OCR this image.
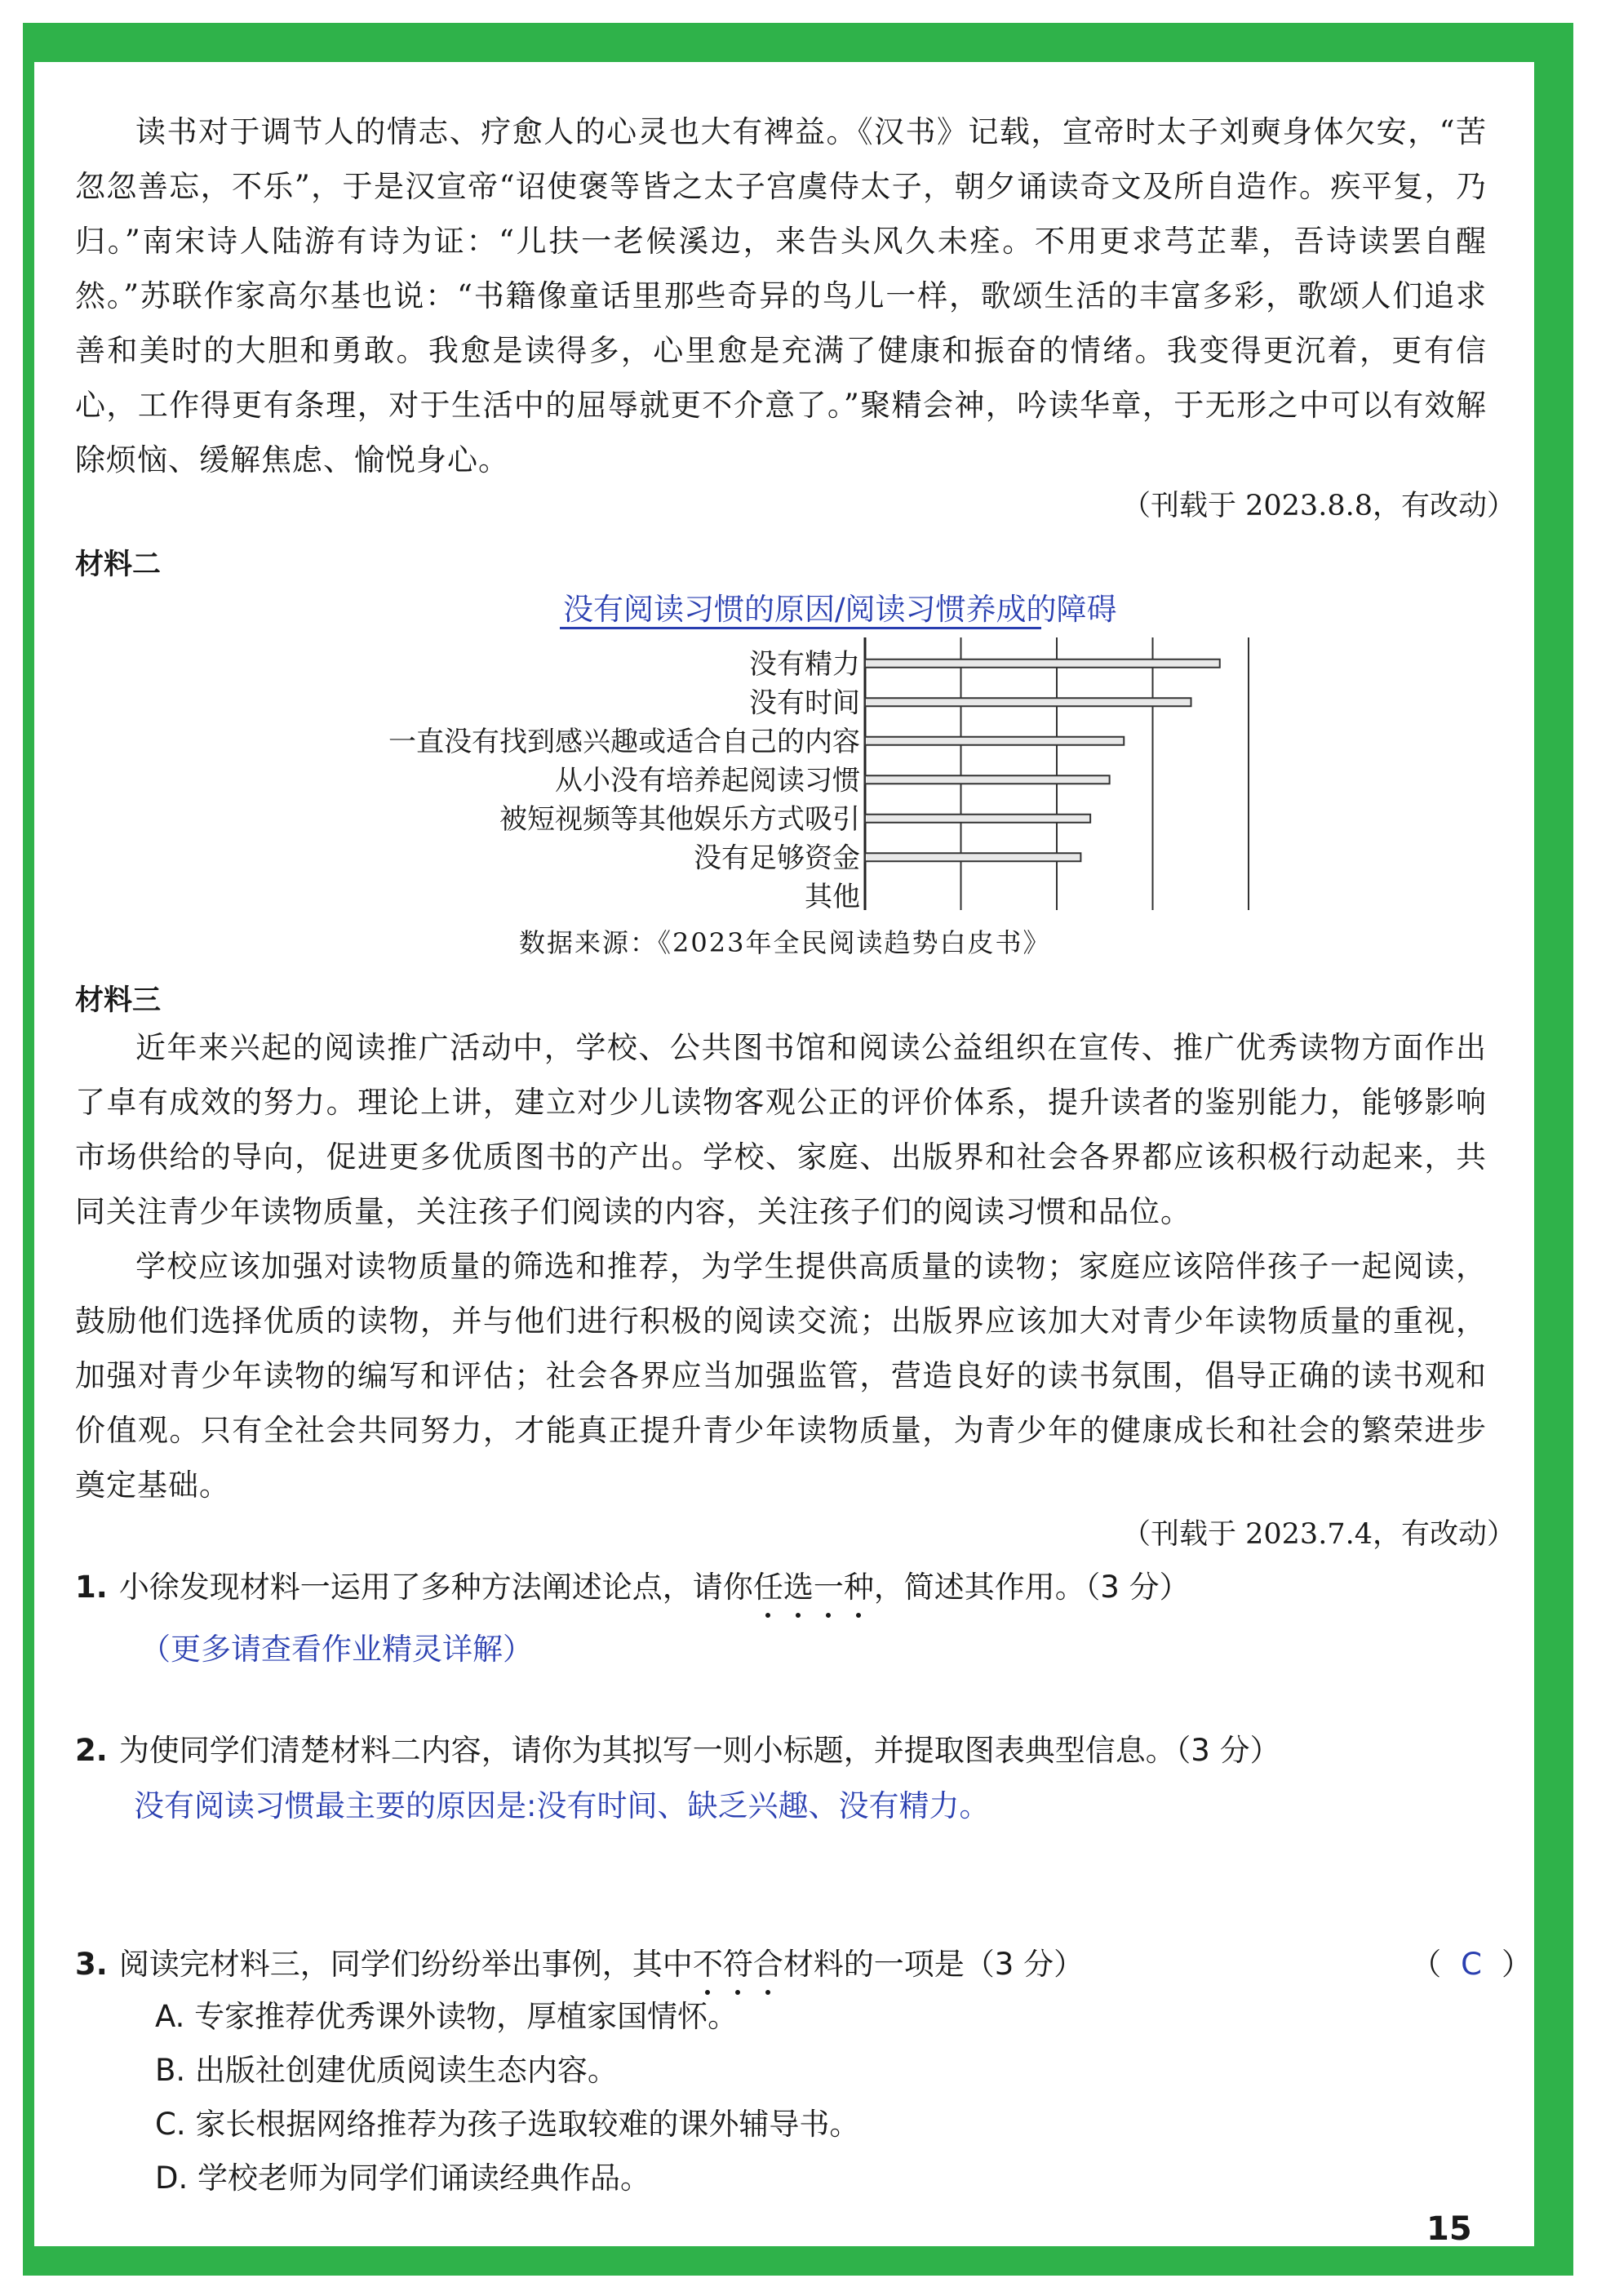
读书对于调节人的情志、疗愈人的心灵也大有裨益。《汉书》记载，宣帝时太子刘奭身体欠安，“苦忽忽善忘，不乐”，于是汉宣帝“诏使褒等皆之太子宫虞侍太子，朝夕诵读奇文及所自造作。疾平复，乃归。”南宋诗人陆游有诗为证：“儿扶一老候溪边，来告头风久未痊。不用更求芎芷辈，吾诗读罢自醒然。”苏联作家高尔基也说：“书籍像童话里那些奇异的鸟儿一样，歌颂生活的丰富多彩，歌颂人们追求善和美时的大胆和勇敢。我愈是读得多，心里愈是充满了健康和振奋的情绪。我变得更沉着，更有信心，工作得更有条理，对于生活中的屈辱就更不介意了。”聚精会神，吟读华章，于无形之中可以有效解除烦恼、缓解焦虑、愉悦身心。
（刊载于 2023.8.8，有改动）
材料二
没有阅读习惯的原因/阅读习惯养成的障碍
没有精力
没有时间
一直没有找到感兴趣或适合自己的内容
从小没有培养起阅读习惯
被短视频等其他娱乐方式吸引
没有足够资金
其他
数据来源：《2023年全民阅读趋势白皮书》
材料三
近年来兴起的阅读推广活动中，学校、公共图书馆和阅读公益组织在宣传、推广优秀读物方面作出了卓有成效的努力。理论上讲，建立对少儿读物客观公正的评价体系，提升读者的鉴别能力，能够影响市场供给的导向，促进更多优质图书的产出。学校、家庭、出版界和社会各界都应该积极行动起来，共同关注青少年读物质量，关注孩子们阅读的内容，关注孩子们的阅读习惯和品位。
学校应该加强对读物质量的筛选和推荐，为学生提供高质量的读物；家庭应该陪伴孩子一起阅读，鼓励他们选择优质的读物，并与他们进行积极的阅读交流；出版界应该加大对青少年读物质量的重视，加强对青少年读物的编写和评估；社会各界应当加强监管，营造良好的读书氛围，倡导正确的读书观和价值观。只有全社会共同努力，才能真正提升青少年读物质量，为青少年的健康成长和社会的繁荣进步奠定基础。
（刊载于 2023.7.4，有改动）
1. 小徐发现材料一运用了多种方法阐述论点，请你任选一种，简述其作用。（3 分）
（更多请查看作业精灵详解）
2. 为使同学们清楚材料二内容，请你为其拟写一则小标题，并提取图表典型信息。（3 分）
没有阅读习惯最主要的原因是:没有时间、缺乏兴趣、没有精力。
3. 阅读完材料三，同学们纷纷举出事例，其中不符合材料的一项是（3 分）	（ C ）
A. 专家推荐优秀课外读物，厚植家国情怀。
B. 出版社创建优质阅读生态内容。
C. 家长根据网络推荐为孩子选取较难的课外辅导书。
D. 学校老师为同学们诵读经典作品。
15
